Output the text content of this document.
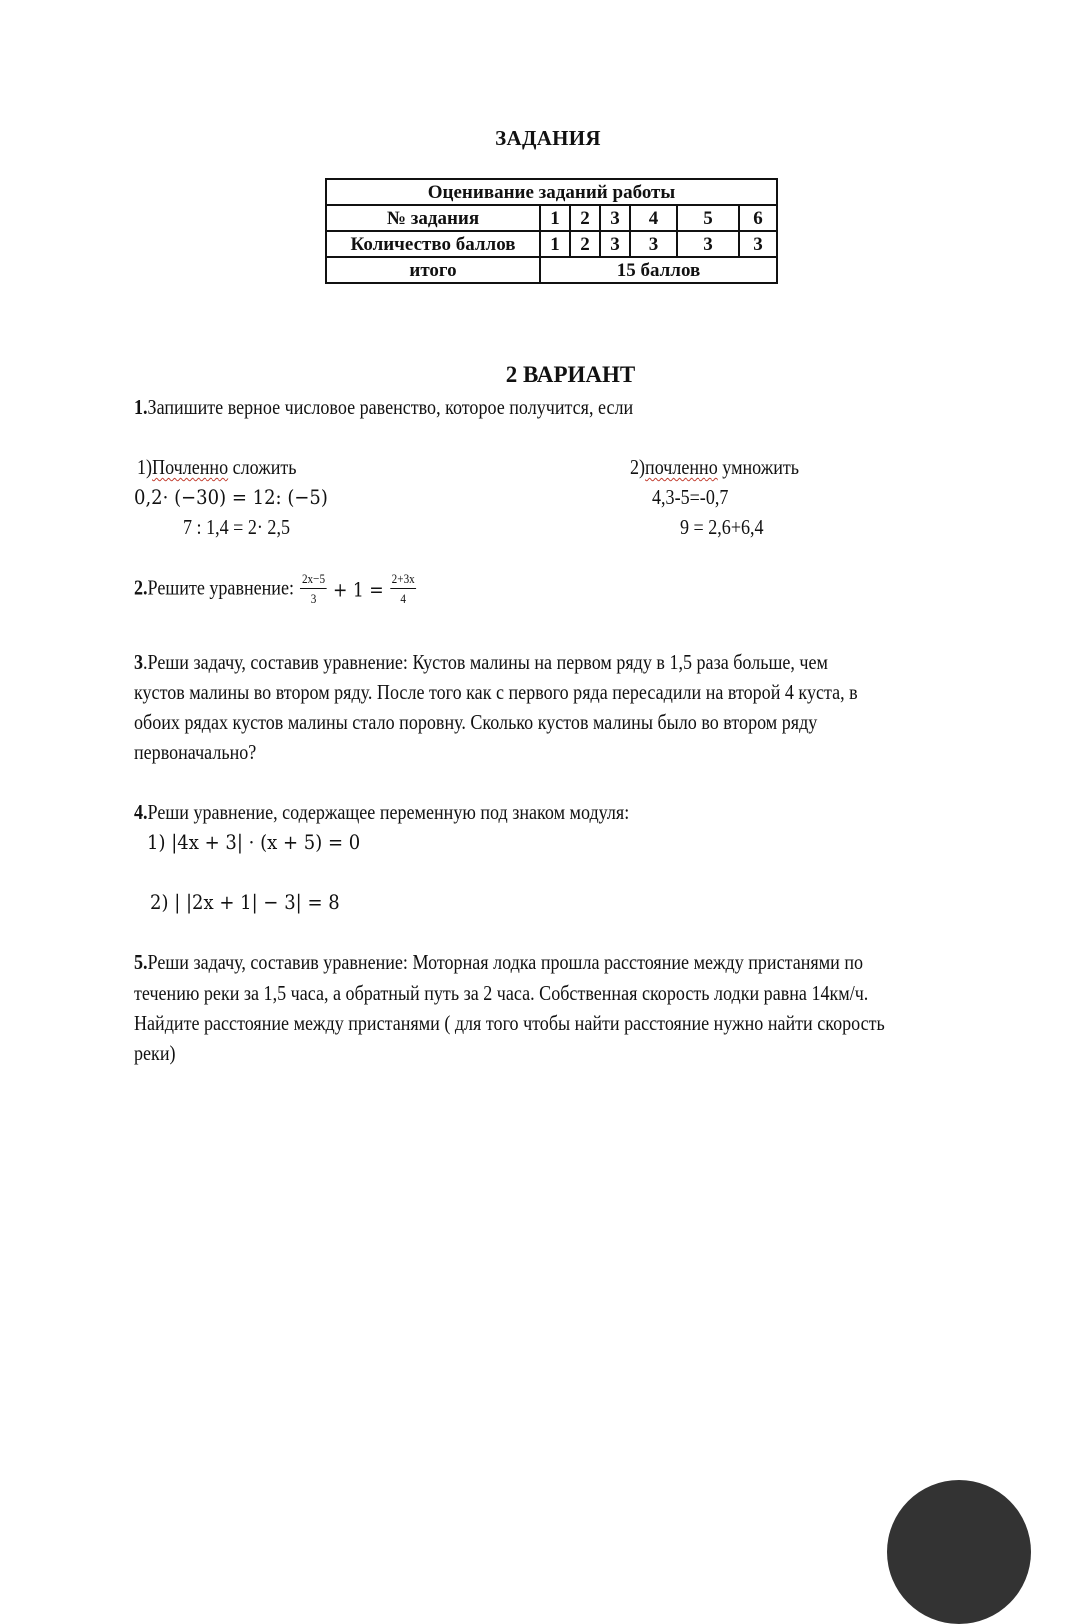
ЗАДАНИЯ
Оценивание заданий работы						
№ задания	1	2	3	4	5	6
Количество баллов	1	2	3	3	3	3
итого	15 баллов					
2 ВАРИАНТ
1.Запишите верное числовое равенство, которое получится, если
1)Почленно сложить
0,2· (−30) = 12: (−5)
7 : 1,4 = 2· 2,5
2)почленно умножить
4,3-5=-0,7
9 = 2,6+6,4
2.Решите уравнение: $\frac{2x-5}{3} + 1 = \frac{2+3x}{4}$
3.Реши задачу, составив уравнение: Кустов малины на первом ряду в 1,5 раза больше, чем
кустов малины во втором ряду. После того как с первого ряда пересадили на второй 4 куста, в
обоих рядах кустов малины стало поровну. Сколько кустов малины было во втором ряду
первоначально?
4.Реши уравнение, содержащее переменную под знаком модуля:
1) |4x + 3| · (x + 5) = 0
2) | |2x + 1| − 3| = 8
5.Реши задачу, составив уравнение: Моторная лодка прошла расстояние между пристанями по
течению реки за 1,5 часа, а обратный путь за 2 часа. Собственная скорость лодки равна 14км/ч.
Найдите расстояние между пристанями ( для того чтобы найти расстояние нужно найти скорость
реки)
